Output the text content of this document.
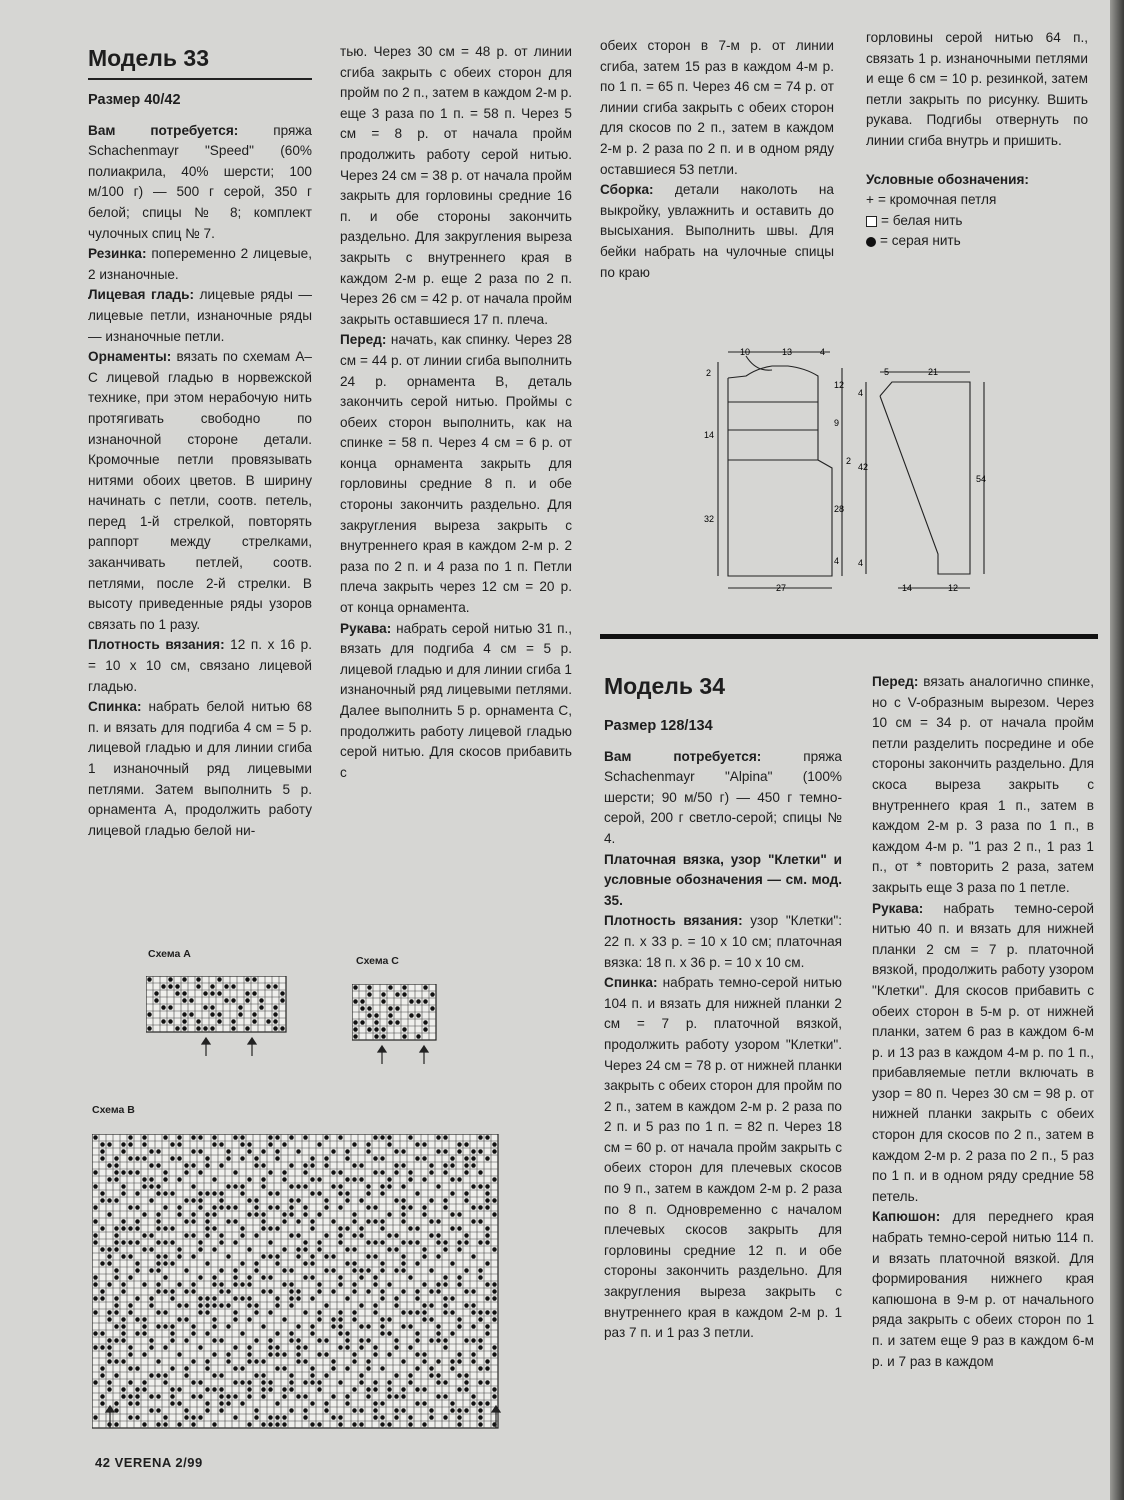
Модель 33
Размер 40/42

Вам потребуется: пряжа Schachenmayr "Speed" (60% полиакрила, 40% шерсти; 100 м/100 г) — 500 г серой, 350 г белой; спицы № 8; комплект чулочных спиц № 7.

Резинка: попеременно 2 лицевые, 2 изнаночные.

Лицевая гладь: лицевые ряды — лицевые петли, изнаночные ряды — изнаночные петли.

Орнаменты: вязать по схемам А–С лицевой гладью в норвежской технике, при этом нерабочую нить протягивать свободно по изнаночной стороне детали. Кромочные петли провязывать нитями обоих цветов. В ширину начинать с петли, соотв. петель, перед 1-й стрелкой, повторять раппорт между стрелками, заканчивать петлей, соотв. петлями, после 2-й стрелки. В высоту приведенные ряды узоров связать по 1 разу.

Плотность вязания: 12 п. х 16 р. = 10 х 10 см, связано лицевой гладью.

Спинка: набрать белой нитью 68 п. и вязать для подгиба 4 см = 5 р. лицевой гладью и для линии сгиба 1 изнаночный ряд лицевыми петлями. Затем выполнить 5 р. орнамента А, продолжить работу лицевой гладью белой ни-

тью. Через 30 см = 48 р. от линии сгиба закрыть с обеих сторон для пройм по 2 п., затем в каждом 2-м р. еще 3 раза по 1 п. = 58 п. Через 5 см = 8 р. от начала пройм продолжить работу серой нитью. Через 24 см = 38 р. от начала пройм закрыть для горловины средние 16 п. и обе стороны закончить раздельно. Для закругления выреза закрыть с внутреннего края в каждом 2-м р. еще 2 раза по 2 п. Через 26 см = 42 р. от начала пройм закрыть оставшиеся 17 п. плеча.

Перед: начать, как спинку. Через 28 см = 44 р. от линии сгиба выполнить 24 р. орнамента В, деталь закончить серой нитью. Проймы с обеих сторон выполнить, как на спинке = 58 п. Через 4 см = 6 р. от конца орнамента закрыть для горловины средние 8 п. и обе стороны закончить раздельно. Для закругления выреза закрыть с внутреннего края в каждом 2-м р. 2 раза по 2 п. и 4 раза по 1 п. Петли плеча закрыть через 12 см = 20 р. от конца орнамента.

Рукава: набрать серой нитью 31 п., вязать для подгиба 4 см = 5 р. лицевой гладью и для линии сгиба 1 изнаночный ряд лицевыми петлями. Далее выполнить 5 р. орнамента С, продолжить работу лицевой гладью серой нитью. Для скосов прибавить с

обеих сторон в 7-м р. от линии сгиба, затем 15 раз в каждом 4-м р. по 1 п. = 65 п. Через 46 см = 74 р. от линии сгиба закрыть с обеих сторон для скосов по 2 п., затем в каждом 2-м р. 2 раза по 2 п. и в одном ряду оставшиеся 53 петли.

Сборка: детали наколоть на выкройку, увлажнить и оставить до высыхания. Выполнить швы. Для бейки набрать на чулочные спицы по краю

горловины серой нитью 64 п., связать 1 р. изнаночными петлями и еще 6 см = 10 р. резинкой, затем петли закрыть по рисунку. Вшить рукава. Подгибы отвернуть по линии сгиба внутрь и пришить.

Условные обозначения:
+ = кромочная петля
= белая нить
= серая нить
10	13	4
2
14
32
12
9
2
28
4
27
5	21
4
42
4
54
14	12
Модель 34
Размер 128/134

Вам потребуется: пряжа Schachenmayr "Alpina" (100% шерсти; 90 м/50 г) — 450 г темно-серой, 200 г светло-серой; спицы № 4.

Платочная вязка, узор "Клетки" и условные обозначения — см. мод. 35.

Плотность вязания: узор "Клетки": 22 п. х 33 р. = 10 х 10 см; платочная вязка: 18 п. х 36 р. = 10 х 10 см.

Спинка: набрать темно-серой нитью 104 п. и вязать для нижней планки 2 см = 7 р. платочной вязкой, продолжить работу узором "Клетки". Через 24 см = 78 р. от нижней планки закрыть с обеих сторон для пройм по 2 п., затем в каждом 2-м р. 2 раза по 2 п. и 5 раз по 1 п. = 82 п. Через 18 см = 60 р. от начала пройм закрыть с обеих сторон для плечевых скосов по 9 п., затем в каждом 2-м р. 2 раза по 8 п. Одновременно с началом плечевых скосов закрыть для горловины средние 12 п. и обе стороны закончить раздельно. Для закругления выреза закрыть с внутреннего края в каждом 2-м р. 1 раз 7 п. и 1 раз 3 петли.

Перед: вязать аналогично спинке, но с V-образным вырезом. Через 10 см = 34 р. от начала пройм петли разделить посредине и обе стороны закончить раздельно. Для скоса выреза закрыть с внутреннего края 1 п., затем в каждом 2-м р. 3 раза по 1 п., в каждом 4-м р. "1 раз 2 п., 1 раз 1 п., от * повторить 2 раза, затем закрыть еще 3 раза по 1 петле.

Рукава: набрать темно-серой нитью 40 п. и вязать для нижней планки 2 см = 7 р. платочной вязкой, продолжить работу узором "Клетки". Для скосов прибавить с обеих сторон в 5-м р. от нижней планки, затем 6 раз в каждом 6-м р. и 13 раз в каждом 4-м р. по 1 п., прибавляемые петли включать в узор = 80 п. Через 30 см = 98 р. от нижней планки закрыть с обеих сторон для скосов по 2 п., затем в каждом 2-м р. 2 раза по 2 п., 5 раз по 1 п. и в одном ряду средние 58 петель.

Капюшон: для переднего края набрать темно-серой нитью 114 п. и вязать платочной вязкой. Для формирования нижнего края капюшона в 9-м р. от начального ряда закрыть с обеих сторон по 1 п. и затем еще 9 раз в каждом 6-м р. и 7 раз в каждом

Схема А
Схема С
Схема В
42 VERENA 2/99
